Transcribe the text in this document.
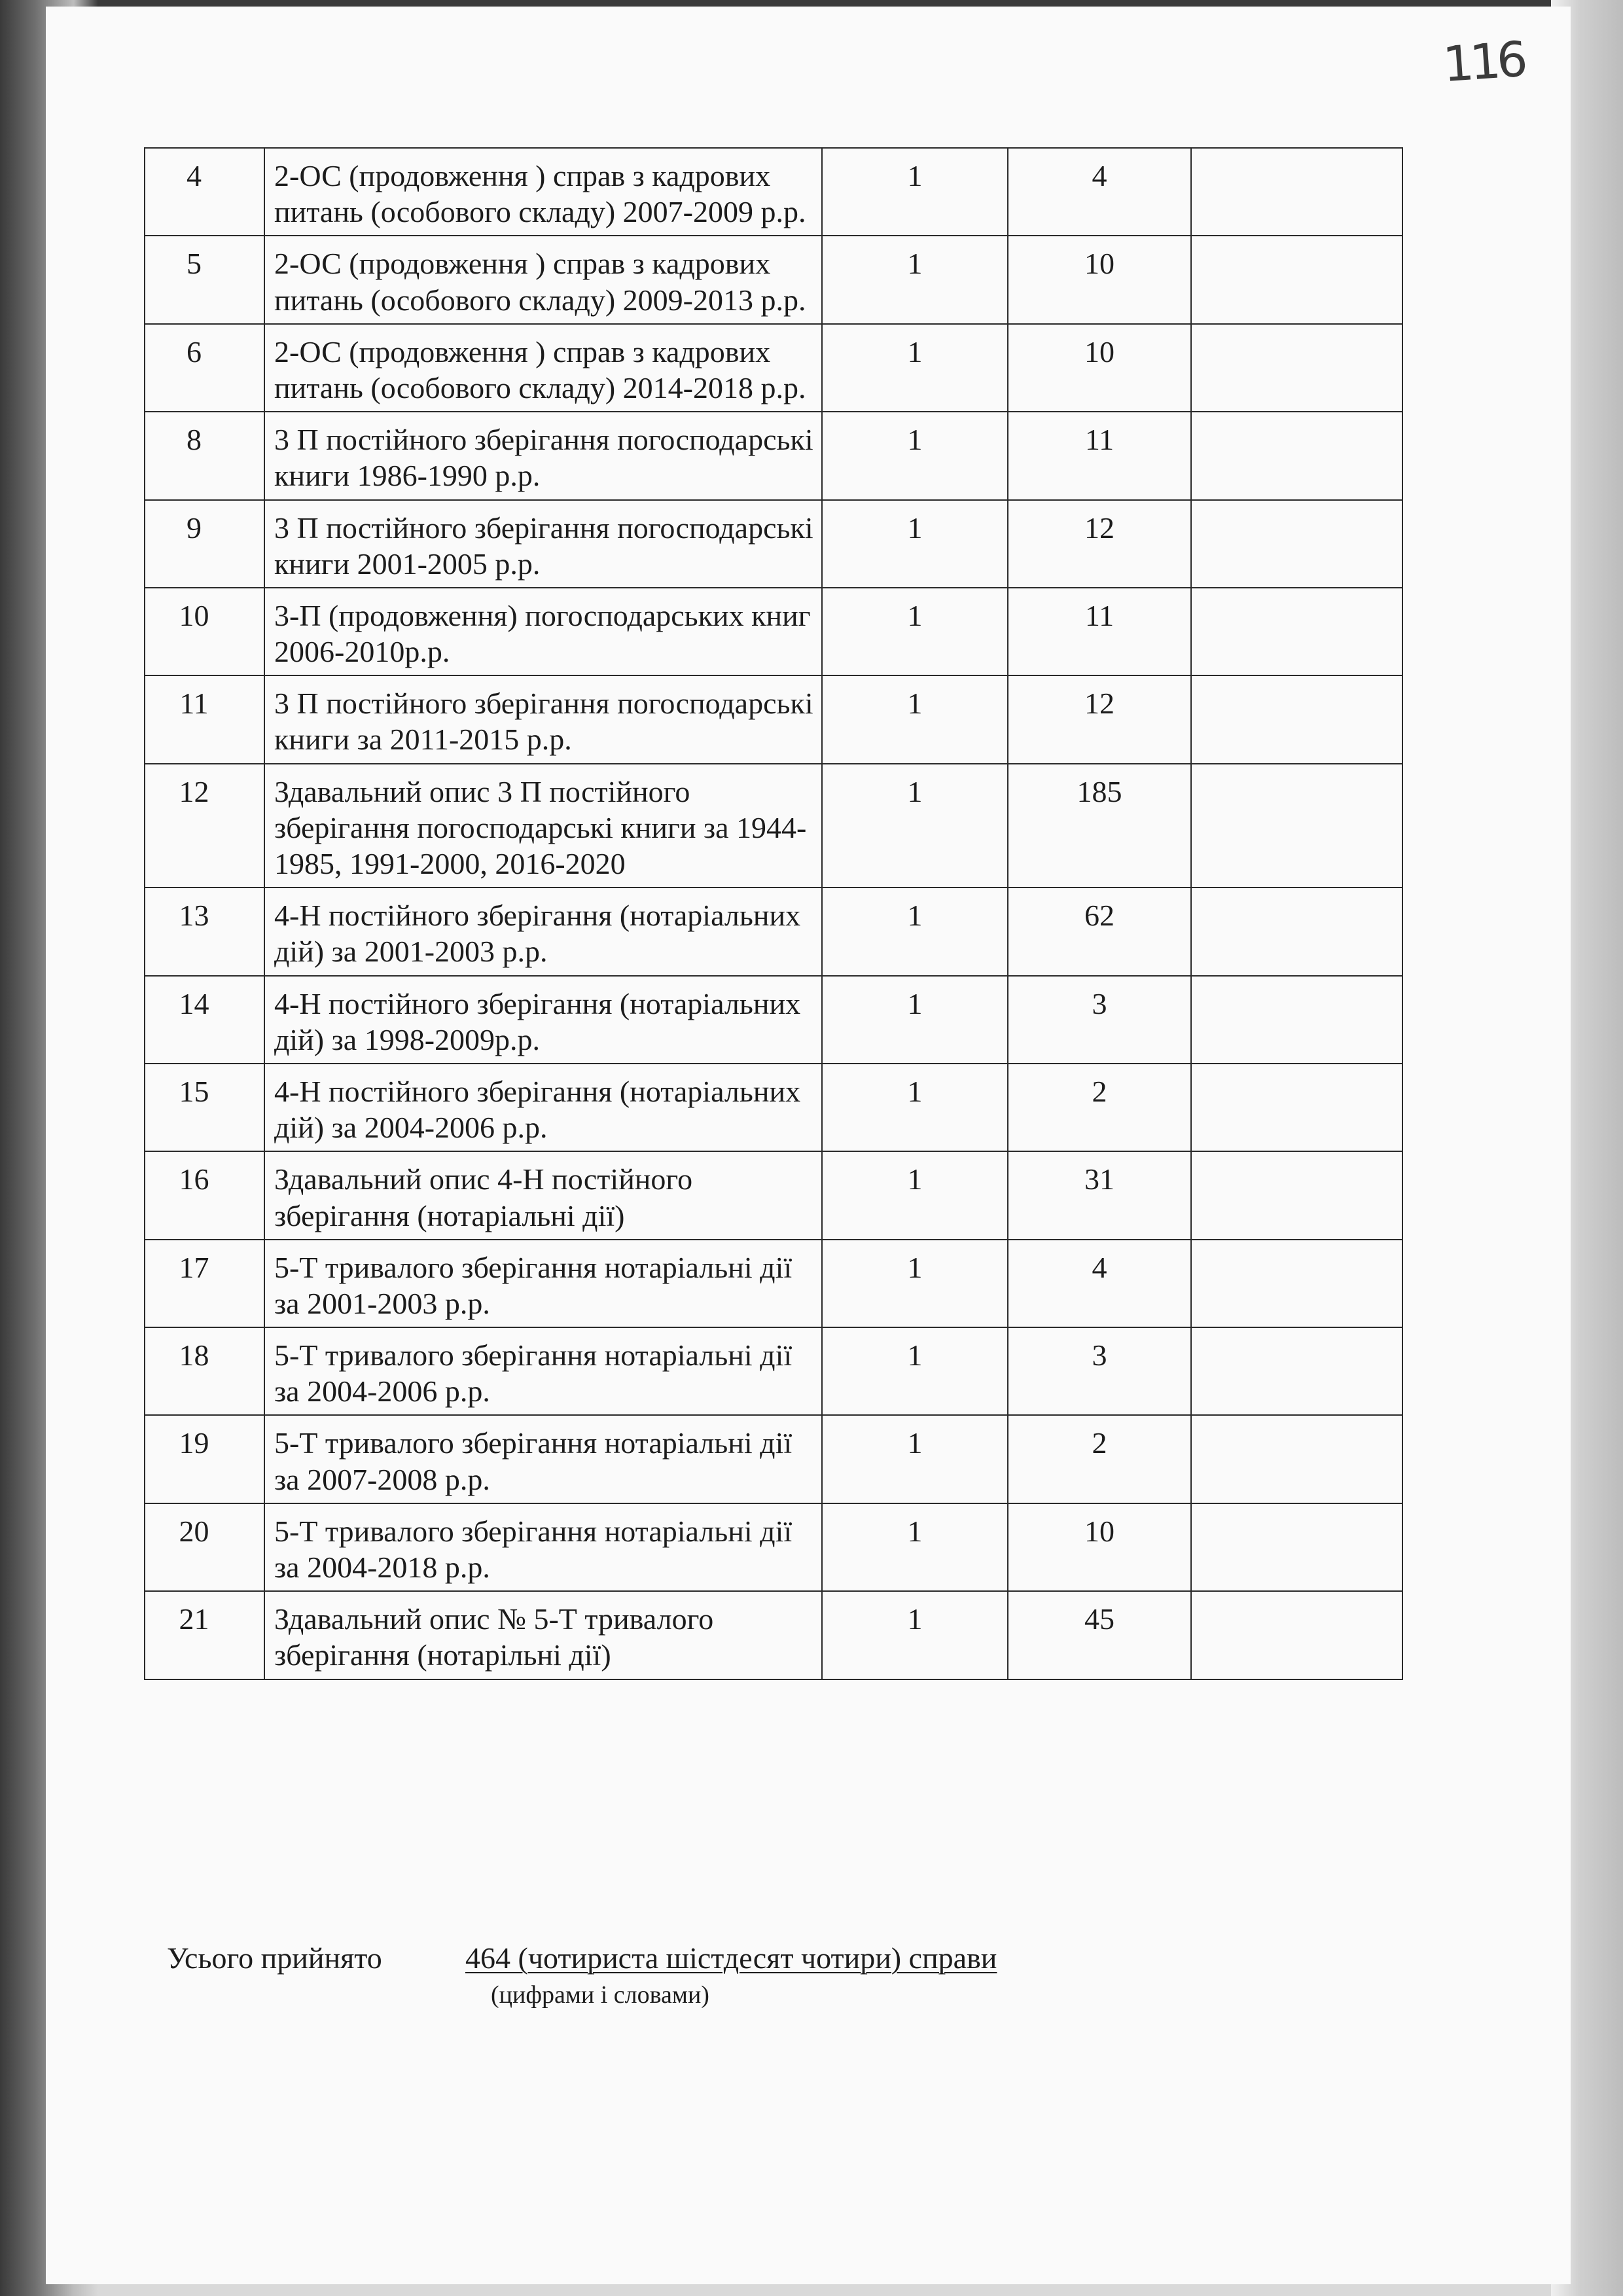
116
4	2-ОС (продовження ) справ з кадрових питань (особового складу) 2007-2009 р.р.	1	4	
5	2-ОС (продовження ) справ з кадрових питань (особового складу) 2009-2013 р.р.	1	10	
6	2-ОС (продовження ) справ з кадрових питань (особового складу) 2014-2018 р.р.	1	10	
8	3 П постійного зберігання погосподарські книги 1986-1990 р.р.	1	11	
9	3 П постійного зберігання погосподарські книги 2001-2005 р.р.	1	12	
10	3-П (продовження) погосподарських книг 2006-2010р.р.	1	11	
11	3 П постійного зберігання погосподарські книги за 2011-2015 р.р.	1	12	
12	Здавальний опис 3 П постійного зберігання погосподарські книги за 1944-1985, 1991-2000, 2016-2020	1	185	
13	4-Н постійного зберігання (нотаріальних дій) за 2001-2003 р.р.	1	62	
14	4-Н постійного зберігання (нотаріальних дій) за 1998-2009р.р.	1	3	
15	4-Н постійного зберігання (нотаріальних дій) за 2004-2006 р.р.	1	2	
16	Здавальний опис 4-Н постійного зберігання (нотаріальні дії)	1	31	
17	5-Т тривалого зберігання нотаріальні дії за 2001-2003 р.р.	1	4	
18	5-Т тривалого зберігання нотаріальні дії за 2004-2006 р.р.	1	3	
19	5-Т тривалого зберігання нотаріальні дії за 2007-2008 р.р.	1	2	
20	5-Т тривалого зберігання нотаріальні дії за 2004-2018 р.р.	1	10	
21	Здавальний опис № 5-Т тривалого зберігання (нотарільні дії)	1	45	
Усього прийнято	464 (чотириста шістдесят чотири) справи
(цифрами і словами)
